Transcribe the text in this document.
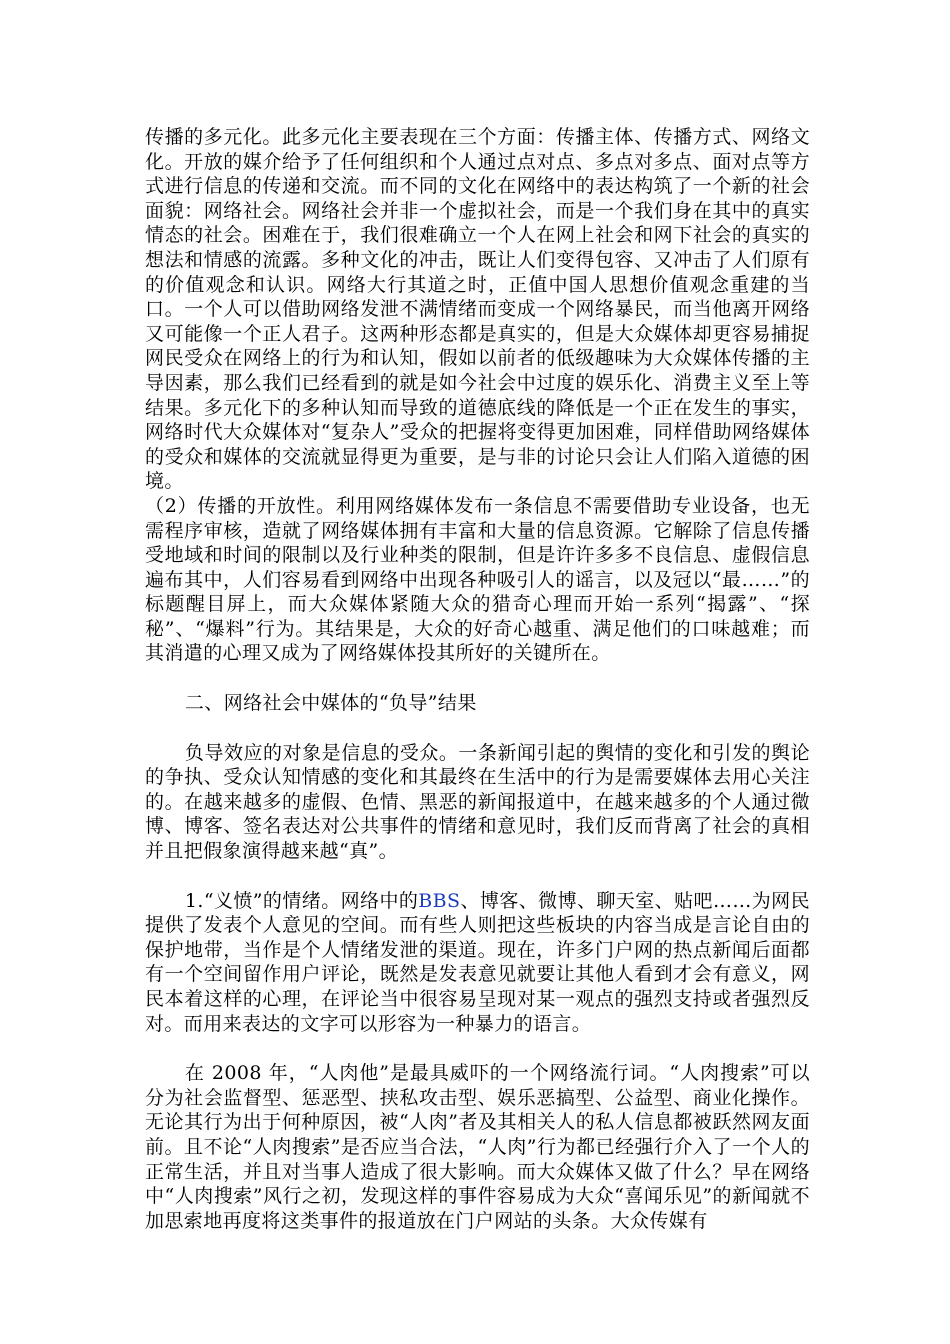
传播的多元化。此多元化主要表现在三个方面：传播主体、传播方式、网络文化。开放的媒介给予了任何组织和个人通过点对点、多点对多点、面对点等方式进行信息的传递和交流。而不同的文化在网络中的表达构筑了一个新的社会面貌：网络社会。网络社会并非一个虚拟社会，而是一个我们身在其中的真实情态的社会。困难在于，我们很难确立一个人在网上社会和网下社会的真实的想法和情感的流露。多种文化的冲击，既让人们变得包容、又冲击了人们原有的价值观念和认识。网络大行其道之时，正值中国人思想价值观念重建的当口。一个人可以借助网络发泄不满情绪而变成一个网络暴民，而当他离开网络又可能像一个正人君子。这两种形态都是真实的，但是大众媒体却更容易捕捉网民受众在网络上的行为和认知，假如以前者的低级趣味为大众媒体传播的主导因素，那么我们已经看到的就是如今社会中过度的娱乐化、消费主义至上等结果。多元化下的多种认知而导致的道德底线的降低是一个正在发生的事实，网络时代大众媒体对“复杂人”受众的把握将变得更加困难，同样借助网络媒体的受众和媒体的交流就显得更为重要，是与非的讨论只会让人们陷入道德的困境。

（2）传播的开放性。利用网络媒体发布一条信息不需要借助专业设备，也无需程序审核，造就了网络媒体拥有丰富和大量的信息资源。它解除了信息传播受地域和时间的限制以及行业种类的限制，但是许许多多不良信息、虚假信息遍布其中，人们容易看到网络中出现各种吸引人的谣言，以及冠以“最……”的标题醒目屏上，而大众媒体紧随大众的猎奇心理而开始一系列“揭露”、“探秘”、“爆料”行为。其结果是，大众的好奇心越重、满足他们的口味越难；而其消遣的心理又成为了网络媒体投其所好的关键所在。

二、网络社会中媒体的“负导”结果

负导效应的对象是信息的受众。一条新闻引起的舆情的变化和引发的舆论的争执、受众认知情感的变化和其最终在生活中的行为是需要媒体去用心关注的。在越来越多的虚假、色情、黑恶的新闻报道中，在越来越多的个人通过微博、博客、签名表达对公共事件的情绪和意见时，我们反而背离了社会的真相并且把假象演得越来越“真”。

1.“义愤”的情绪。网络中的BBS、博客、微博、聊天室、贴吧……为网民提供了发表个人意见的空间。而有些人则把这些板块的内容当成是言论自由的保护地带，当作是个人情绪发泄的渠道。现在，许多门户网的热点新闻后面都有一个空间留作用户评论，既然是发表意见就要让其他人看到才会有意义，网民本着这样的心理，在评论当中很容易呈现对某一观点的强烈支持或者强烈反对。而用来表达的文字可以形容为一种暴力的语言。

在 2008 年，“人肉他”是最具威吓的一个网络流行词。“人肉搜索”可以分为社会监督型、惩恶型、挟私攻击型、娱乐恶搞型、公益型、商业化操作。无论其行为出于何种原因，被“人肉”者及其相关人的私人信息都被跃然网友面前。且不论“人肉搜索”是否应当合法，“人肉”行为都已经强行介入了一个人的正常生活，并且对当事人造成了很大影响。而大众媒体又做了什么？早在网络中“人肉搜索”风行之初，发现这样的事件容易成为大众“喜闻乐见”的新闻就不加思索地再度将这类事件的报道放在门户网站的头条。大众传媒有
